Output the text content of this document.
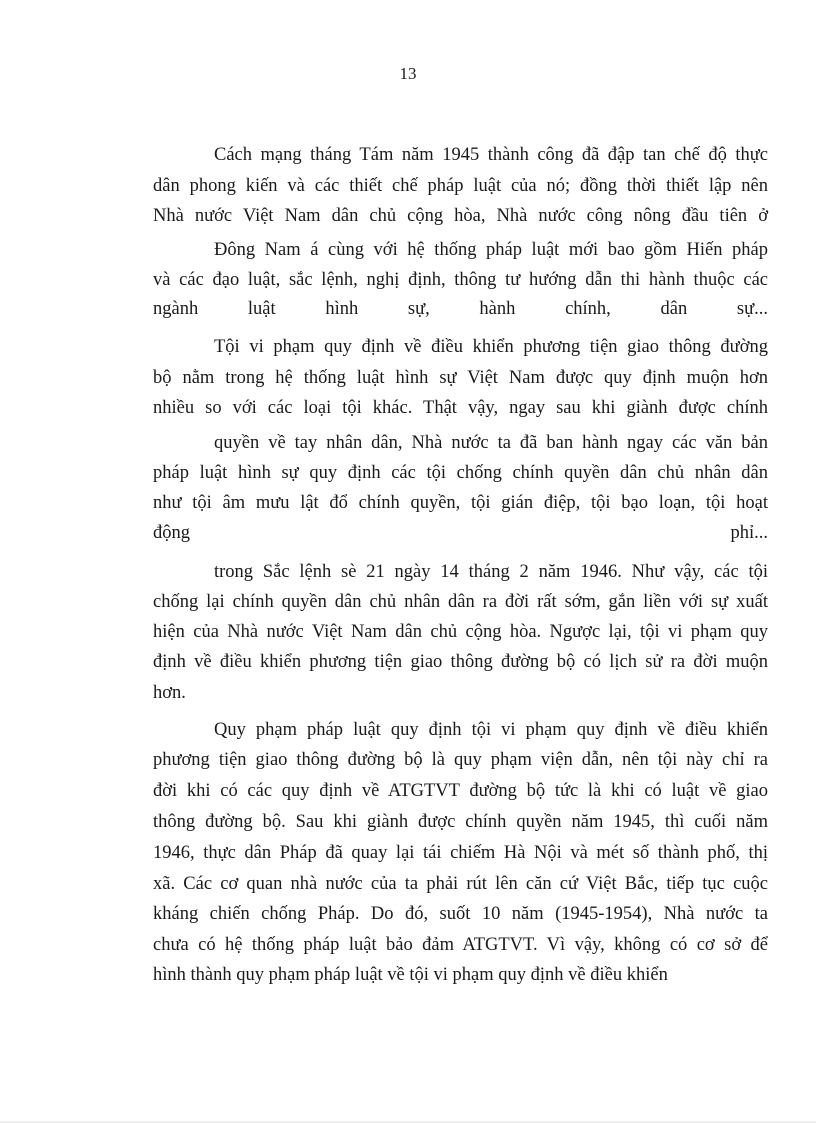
13
Cách mạng tháng Tám năm 1945 thành công đã đập tan chế độ thực
dân phong kiến và các thiết chế pháp luật của nó; đồng thời thiết lập nên
Nhà nước Việt Nam dân chủ cộng hòa, Nhà nước công nông đầu tiên ở
Đông Nam á cùng với hệ thống pháp luật mới bao gồm Hiến pháp
và các đạo luật, sắc lệnh, nghị định, thông tư hướng dẫn thi hành thuộc các
ngành luật hình sự, hành chính, dân sự...
Tội vi phạm quy định về điều khiển phương tiện giao thông đường
bộ nằm trong hệ thống luật hình sự Việt Nam được quy định muộn hơn
nhiều so với các loại tội khác. Thật vậy, ngay sau khi giành được chính
quyền về tay nhân dân, Nhà nước ta đã ban hành ngay các văn bản
pháp luật hình sự quy định các tội chống chính quyền dân chủ nhân dân
như tội âm mưu lật đổ chính quyền, tội gián điệp, tội bạo loạn, tội hoạt
động phỉ...
trong Sắc lệnh sè 21 ngày 14 tháng 2 năm 1946. Như vậy, các tội
chống lại chính quyền dân chủ nhân dân ra đời rất sớm, gắn liền với sự xuất
hiện của Nhà nước Việt Nam dân chủ cộng hòa. Ngược lại, tội vi phạm quy
định về điều khiển phương tiện giao thông đường bộ có lịch sử ra đời muộn
hơn.
Quy phạm pháp luật quy định tội vi phạm quy định về điều khiển
phương tiện giao thông đường bộ là quy phạm viện dẫn, nên tội này chỉ ra
đời khi có các quy định về ATGTVT đường bộ tức là khi có luật về giao
thông đường bộ. Sau khi giành được chính quyền năm 1945, thì cuối năm
1946, thực dân Pháp đã quay lại tái chiếm Hà Nội và mét số thành phố, thị
xã. Các cơ quan nhà nước của ta phải rút lên căn cứ Việt Bắc, tiếp tục cuộc
kháng chiến chống Pháp. Do đó, suốt 10 năm (1945-1954), Nhà nước ta
chưa có hệ thống pháp luật bảo đảm ATGTVT. Vì vậy, không có cơ sở để
hình thành quy phạm pháp luật về tội vi phạm quy định về điều khiển
